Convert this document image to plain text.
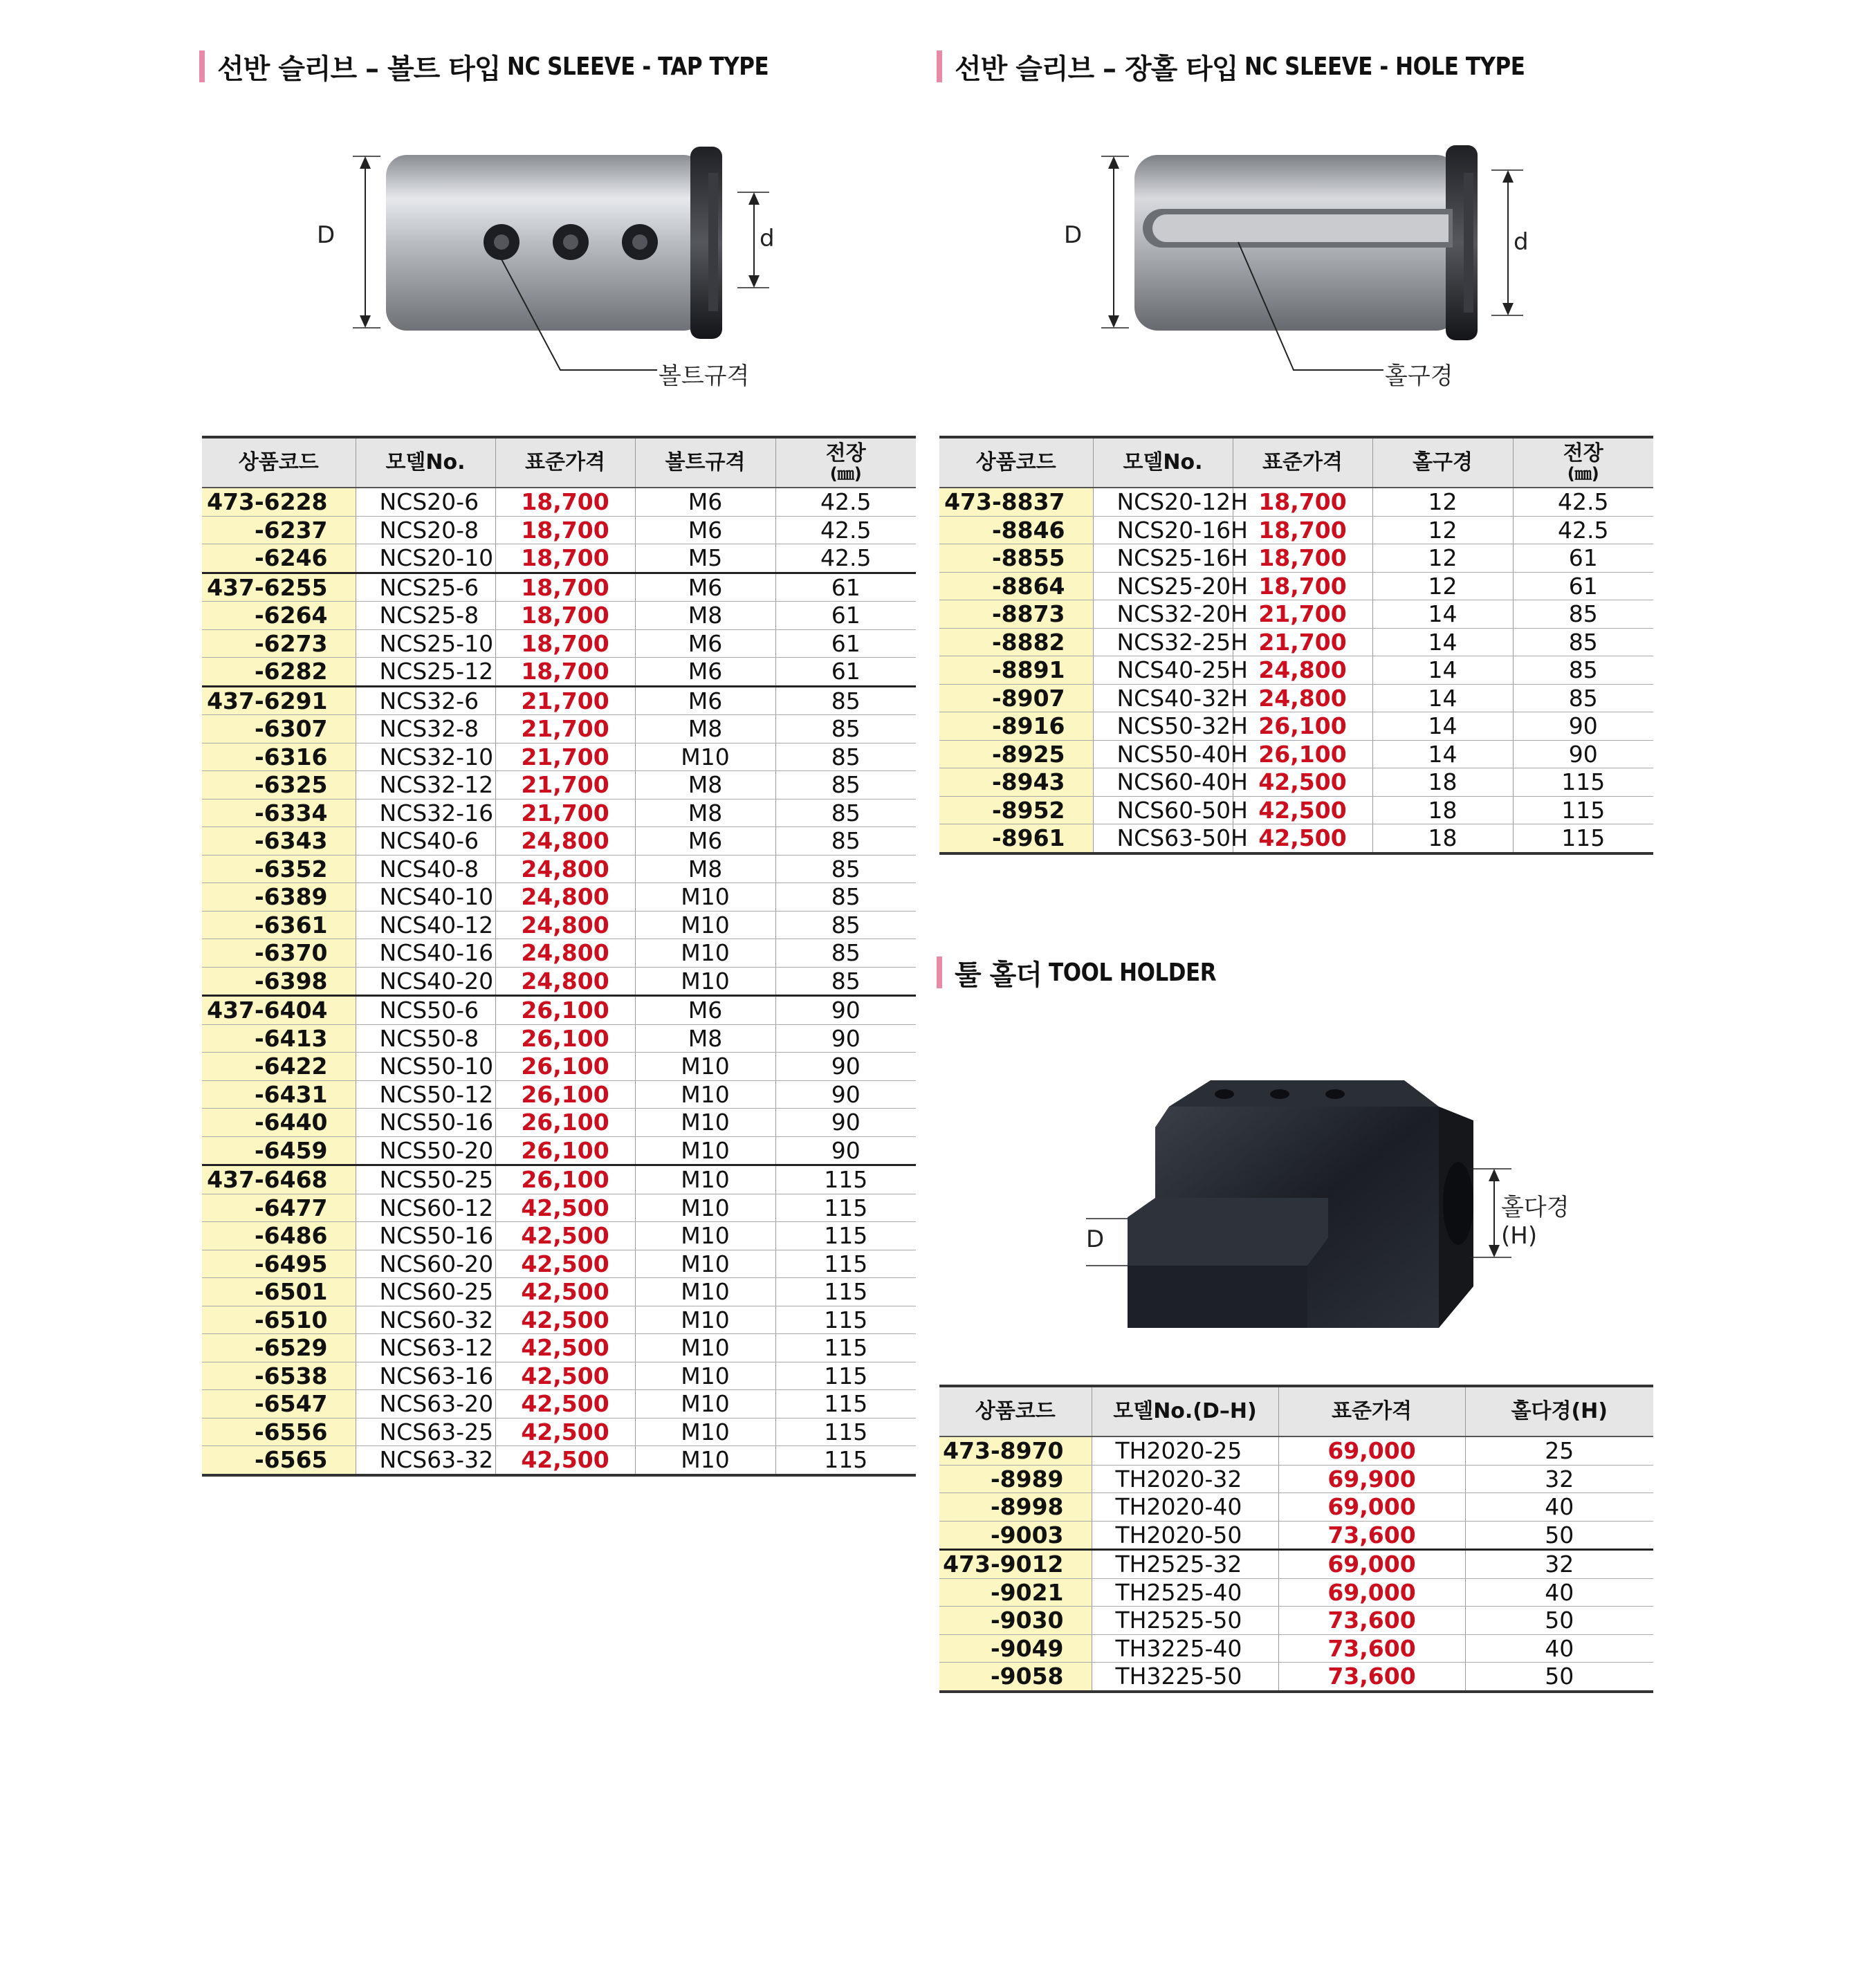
선반 슬리브 – 볼트 타입 NC SLEEVE - TAP TYPE	선반 슬리브 – 장홀 타입 NC SLEEVE - HOLE TYPE
툴 홀더 TOOL HOLDER
D	d
볼트규격
D	d
홀구경
D
홀다경(H)
상품코드	모델No.	표준가격	볼트규격	전장
(㎜)

473-6228	NCS20-6	18,700	M6	42.5
-6237	NCS20-8	18,700	M6	42.5
-6246	NCS20-10	18,700	M5	42.5
437-6255	NCS25-6	18,700	M6	61
-6264	NCS25-8	18,700	M8	61
-6273	NCS25-10	18,700	M6	61
-6282	NCS25-12	18,700	M6	61
437-6291	NCS32-6	21,700	M6	85
-6307	NCS32-8	21,700	M8	85
-6316	NCS32-10	21,700	M10	85
-6325	NCS32-12	21,700	M8	85
-6334	NCS32-16	21,700	M8	85
-6343	NCS40-6	24,800	M6	85
-6352	NCS40-8	24,800	M8	85
-6389	NCS40-10	24,800	M10	85
-6361	NCS40-12	24,800	M10	85
-6370	NCS40-16	24,800	M10	85
-6398	NCS40-20	24,800	M10	85
437-6404	NCS50-6	26,100	M6	90
-6413	NCS50-8	26,100	M8	90
-6422	NCS50-10	26,100	M10	90
-6431	NCS50-12	26,100	M10	90
-6440	NCS50-16	26,100	M10	90
-6459	NCS50-20	26,100	M10	90
437-6468	NCS50-25	26,100	M10	115
-6477	NCS60-12	42,500	M10	115
-6486	NCS50-16	42,500	M10	115
-6495	NCS60-20	42,500	M10	115
-6501	NCS60-25	42,500	M10	115
-6510	NCS60-32	42,500	M10	115
-6529	NCS63-12	42,500	M10	115
-6538	NCS63-16	42,500	M10	115
-6547	NCS63-20	42,500	M10	115
-6556	NCS63-25	42,500	M10	115
-6565	NCS63-32	42,500	M10	115
상품코드	모델No.	표준가격	홀구경	전장
(㎜)

473-8837	NCS20-12H	18,700	12	42.5
-8846	NCS20-16H	18,700	12	42.5
-8855	NCS25-16H	18,700	12	61
-8864	NCS25-20H	18,700	12	61
-8873	NCS32-20H	21,700	14	85
-8882	NCS32-25H	21,700	14	85
-8891	NCS40-25H	24,800	14	85
-8907	NCS40-32H	24,800	14	85
-8916	NCS50-32H	26,100	14	90
-8925	NCS50-40H	26,100	14	90
-8943	NCS60-40H	42,500	18	115
-8952	NCS60-50H	42,500	18	115
-8961	NCS63-50H	42,500	18	115
상품코드	모델No.(D–H)	표준가격	홀다경(H)
473-8970	TH2020-25	69,000	25
-8989	TH2020-32	69,900	32
-8998	TH2020-40	69,000	40
-9003	TH2020-50	73,600	50
473-9012	TH2525-32	69,000	32
-9021	TH2525-40	69,000	40
-9030	TH2525-50	73,600	50
-9049	TH3225-40	73,600	40
-9058	TH3225-50	73,600	50
